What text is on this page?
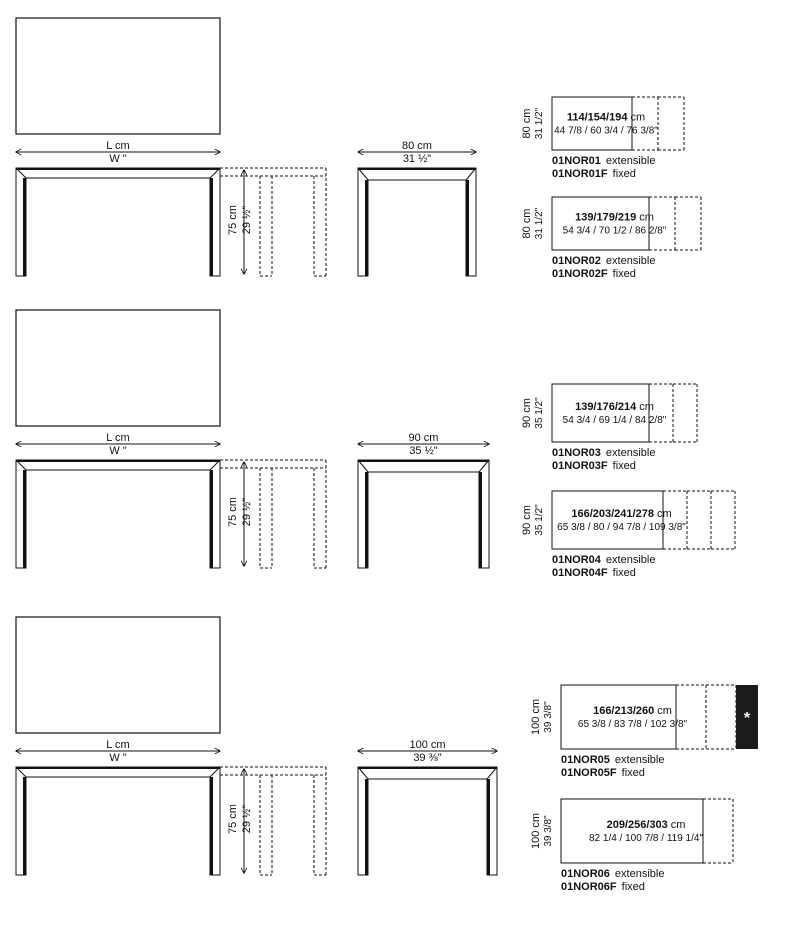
L cm
W "
75 cm 29 ½"
80 cm
31 ½"
114/154/194 cm
44 7/8 / 60 3/4 / 76 3/8"
80 cm 31 1/2"
01NOR01 extensible
01NOR01F fixed
139/179/219 cm
54 3/4 / 70 1/2 / 86 2/8"
80 cm 31 1/2"
01NOR02 extensible
01NOR02F fixed
L cm
W "
75 cm 29 ½"
90 cm
35 ½"
139/176/214 cm
54 3/4 / 69 1/4 / 84 2/8"
90 cm 35 1/2"
01NOR03 extensible
01NOR03F fixed
166/203/241/278 cm
65 3/8 / 80 / 94 7/8 / 109 3/8"
90 cm 35 1/2"
01NOR04 extensible
01NOR04F fixed
L cm
W "
75 cm 29 ½"
100 cm
39 ⅜"
*
166/213/260 cm
65 3/8 / 83 7/8 / 102 3/8"
100 cm 39 3/8"
01NOR05 extensible
01NOR05F fixed
209/256/303 cm
82 1/4 / 100 7/8 / 119 1/4"
100 cm 39 3/8"
01NOR06 extensible
01NOR06F fixed
